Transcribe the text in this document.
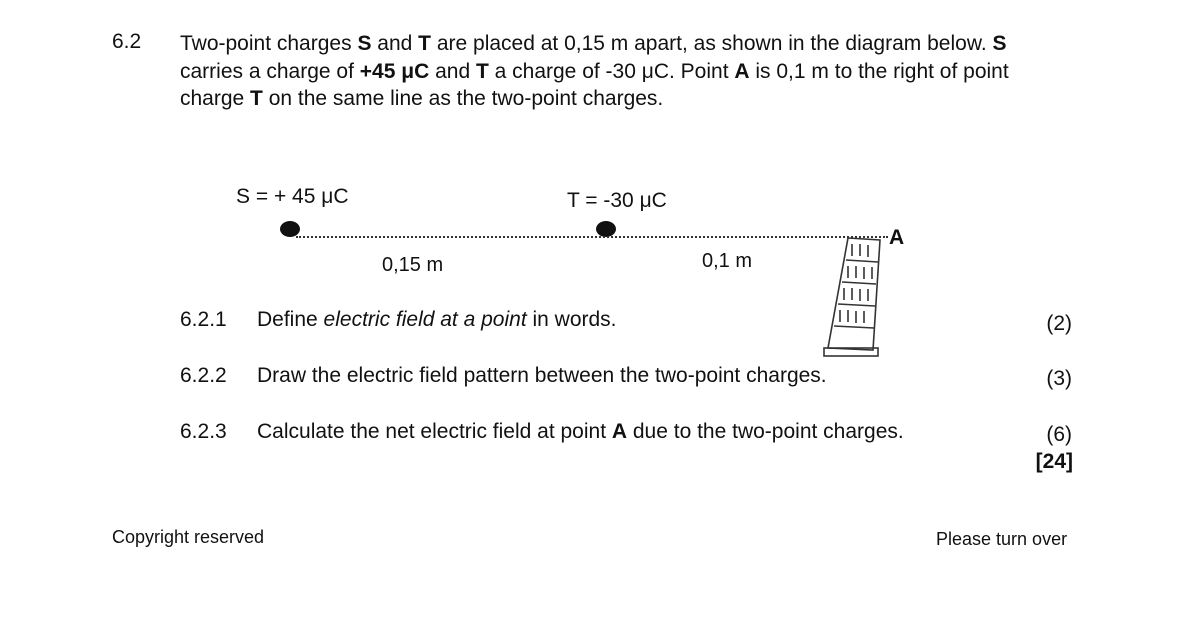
6.2 Two-point charges S and T are placed at 0,15 m apart, as shown in the diagram below. S carries a charge of +45 μC and T a charge of -30 μC. Point A is 0,1 m to the right of point charge T on the same line as the two-point charges.
S = + 45 μC	T = -30 μC
A
0,15 m	0,1 m
6.2.1 Define electric field at a point in words.	(2)
6.2.2 Draw the electric field pattern between the two-point charges.	(3)
6.2.3 Calculate the net electric field at point A due to the two-point charges.	(6)
[24]
Copyright reserved	Please turn over
